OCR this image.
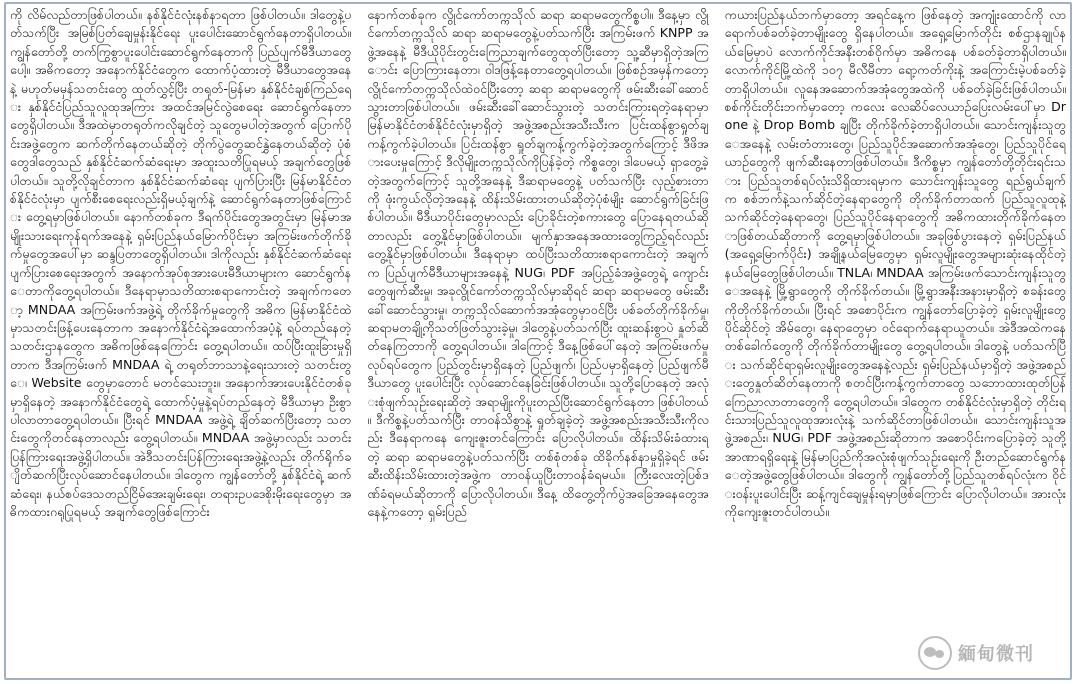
ကို လိမ်လည်တာဖြစ်ပါတယ်။ နစ်နိုင်ငံလုံးနစ်နာရတာ ဖြစ်ပါတယ်။ ဒါတွေနဲ့ပတ်သက်ပြီး အမြစ်ပြတ်ချေမှုန်းနိုင်ရေး ပူးပေါင်းဆောင်ရွက်နေတာရှိပါတယ်။ ကျွန်တော်တို့ တက်ကြွစွာပူးပေါင်းဆောင်ရွက်နေတာကို ပြည်ပျက်မီဒီယာတွေပေါ့။ အဓိကတော့ အနောက်နိုင်ငံတွေက ထောက်ပံ့ထားတဲ့ မီဒီယာတွေအနေနဲ့ မဟုတ်မမှန်သတင်းတွေ ထုတ်လွှင့်ပြီး တရုတ်-မြန်မာ နှစ်နိုင်ငံချစ်ကြည်ရေး နှစ်နိုင်ငံပြည်သူလူထုအကြား အထင်အမြင်လွဲစေရေး ဆောင်ရွက်နေတာတွေရှိပါတယ်။ ဒီအထဲမှာတရုတ်ကလိုချင်တဲ့ သူတွေမပါတဲ့အတွက် ပြောက်ပိုင်းအဖွဲ့တွေက ဆက်တိုက်နေတယ်ဆိုတဲ့ တိုက်ပွဲတွေဆင်နွှဲနေတယ်ဆိုတဲ့ ပုံစံတွေဒါတွေသည် နှစ်နိုင်ငံဆက်ဆံရေးမှာ အထူးသတိပြုရမယ့် အချက်တွေဖြစ်ပါတယ်။ သူတို့လိုချင်တာက နှစ်နိုင်ငံဆက်ဆံရေး ပျက်ပြားပြီး မြန်မာနိုင်ငံတစ်နိုင်ငံလုံးမှာ ပျက်စီးစေရေးလည်းရှိမယ့်ချက်နဲ့ ဆောင်ရွက်နေတာဖြစ်ကြောင်း တွေ့ရမှာဖြစ်ပါတယ်။ နောက်တစ်ခုက ဒီရက်ပိုင်းတွေအတွင်းမှာ မြန်မာအမျိုးသားရေးကုန်ရက်အနေနဲ့ ရှမ်းပြည်နယ်မြောက်ပိုင်းမှာ အကြမ်းဖက်တိုက်ခိုက်မှုတွေအပေါ်မှာ ဆန္ဒပြတာတွေရှိပါတယ်။ ဒါကိုလည်း နှစ်နိုင်ငံဆက်ဆံရေးပျက်ပြားစေရေးအတွက် အနောက်အုပ်စုအားပေးမီဒီယာများက ဆောင်ရွက်နေတာကိုတွေ့ရပါတယ်။ ဒီနေရာမှာသတိထားစရာကောင်းတဲ့ အချက်ကတော့ MNDAA အကြမ်းဖက်အဖွဲ့ရဲ့ တိုက်ခိုက်မှုတွေကို အဓိက မြန်မာနိုင်ငံထဲမှာသတင်းဖြန့်ပေးနေတာက အနောက်နိုင်ငံရဲ့အထောက်အပံ့နဲ့ ရပ်တည်နေတဲ့သတင်းဌာနတွေက အဓိကဖြစ်နေကြောင်း တွေ့ရပါတယ်။ ထပ်ပြီးထူးခြားမှုရှိတာက ဒီအကြမ်းဖက် MNDAA ရဲ့ တရုတ်ဘာသာနဲ့ရေးသားတဲ့ သတင်းတွေ၊ Website တွေမှာတောင် မတင်သေးဘူး။ အနောက်အားပေးနိုင်ငံတစ်ခုမှာရှိနေတဲ့ အနောက်နိုင်ငံတွေရဲ့ ထောက်ပံ့မှုနဲ့ရပ်တည်နေတဲ့ မီဒီယာမှာ ဦးစွာပါလာတာတွေ့ရပါတယ်။ ပြီးရင် MNDAA အဖွဲ့ရဲ့ ချိတ်ဆက်ပြီးတော့ သတင်းတွေကိုတင်နေတာလည်း တွေ့ရပါတယ်။ MNDAA အဖွဲ့မှာလည်း သတင်းပြန်ကြားရေးအဖွဲ့ရှိပါတယ်။ အဲဒီသတင်းပြန်ကြားရေးအဖွဲ့နဲ့လည်း တိုက်ရိုက်ချိတ်ဆက်ပြီးလုပ်ဆောင်နေပါတယ်။ ဒါတွေက ကျွန်တော်တို့ နှစ်နိုင်ငံရဲ့ ဆက်ဆံရေး၊ နယ်စပ်ဒေသတည်ငြိမ်အေးချမ်းရေး၊ တရားဥပဒေစိုးမိုးရေးတွေမှာ အဓိကထားဂရုပြုရမယ့် အချက်တွေဖြစ်ကြောင်း

နောက်တစ်ခုက လွိုင်ကော်တက္ကသိုလ် ဆရာ ဆရာမတွေကိစ္စပါ။ ဒီနေ့မှာ လွိုင်ကော်တက္ကသိုလ် ဆရာ ဆရာမတွေနဲ့ပတ်သက်ပြီး အကြမ်းဖက် KNPP အဖွဲ့အနေနဲ့ မီဒီယိုပိုင်းတွင်းကြေညာချက်တွေထုတ်ပြီးတော့ သူ့ဆီမှာရှိတဲ့အကြောင်း ပြောကြားနေတာ၊ ဝါဒဖြန့်နေတာတွေ့ရပါတယ်။ ဖြစ်စဉ်အမှန်ကတော့ လွိုင်ကော်တက္ကသိုလ်ထဲဝင်ပြီးတော့ ဆရာ ဆရာမတွေကို ဖမ်းဆီးခေါ်ဆောင်သွားတာဖြစ်ပါတယ်။ ဖမ်းဆီးခေါ်ဆောင်သွားတဲ့ သတင်းကြားရတဲ့နေရာမှာ မြန်မာနိုင်ငံတစ်နိုင်ငံလုံးမှာရှိတဲ့ အဖွဲ့အစည်းအသီးသီးက ပြင်းထန်စွာရှုတ်ချကန့်ကွက်ခဲ့ပါတယ်။ ပြင်းထန်စွာ ရှုတ်ချကန့်ကွက်ခဲ့တဲ့အတွက်ကြောင့် ဒီဖိအားပေးမှုကြောင့် ဒီလိုမျိုးတက္ကသိုလ်ကိုပြန်ခဲ့တဲ့ ကိစ္စတွေ၊ ဒါပေမယ့် ရှာတွေ့ခဲ့တဲ့အတွက်ကြောင့် သူတို့အနေနဲ့ ဒီဆရာမတွေနဲ့ ပတ်သက်ပြီး လှည့်စားတာကို ဖုံးကွယ်လိုတဲ့အနေနဲ့ ထိန်းသိမ်းထားတယ်ဆိုတဲ့ပုံစံမျိုး ဆောင်ရွက်ခြင်းဖြစ်ပါတယ်။ မီဒီယာပိုင်းတွေမှာလည်း ပြောခိုင်းတဲ့စကားတွေ ပြောနေရတယ်ဆိုတာလည်း တွေ့နိုင်မှာဖြစ်ပါတယ်။ မျက်နှာအနေအထားတွေကြည့်ရင်လည်း တွေ့နိုင်မှာဖြစ်ပါတယ်။ ဒီနေရာမှာ ထပ်ပြီးသတိထားစရာကောင်းတဲ့ အချက်က ပြည်ပျက်မီဒီယာများအနေနဲ့ NUG၊ PDF အပြည့်ခံအဖွဲ့တွေရဲ့ ကျောင်းတွေဖျက်ဆီးမှု၊ အခုလွိုင်ကော်တက္ကသိုလ်မှာဆိုရင် ဆရာ ဆရာမတွေ ဖမ်းဆီးခေါ်ဆောင်သွားမှု၊ တက္ကသိုလ်ဆောက်အအုံတွေမှာဝင်ပြီး ပစ်ခတ်တိုက်ခိုက်မှု၊ ဆရာမတချို့ကိုသတ်ဖြတ်သွားခဲ့မှု၊ ဒါတွေနဲ့ပတ်သက်ပြီး ထူးဆန်းစွာပဲ နှုတ်ဆိတ်နေကြတာကို တွေ့ရပါတယ်။ ဒါကြောင့် ဒီနေ့ဖြစ်ပေါ်နေတဲ့ အကြမ်းဖက်မှုလုပ်ရပ်တွေက ပြည်တွင်းမှာရှိနေတဲ့ ပြည်ဖျက်၊ ပြည်ပမှာရှိနေတဲ့ ပြည်ဖျက်မီဒီယာတွေ ပူးပေါင်းပြီး လုပ်ဆောင်နေခြင်းဖြစ်ပါတယ်။ သူတို့ပြောနေတဲ့ အလုံးစုံဖျက်သုဉ်းရေးဆိုတဲ့ အရာမျိုးကိုပူးတည်ပြီးဆောင်ရွက်နေတာ ဖြစ်ပါတယ်။ ဒီကိစ္စနဲ့ပတ်သက်ပြီး တာဝန်သိစွာနဲ့ ရှုတ်ချခဲ့တဲ့ အဖွဲ့အစည်းအသီးသီးကိုလည်း ဒီနေရာကနေ ကျေးဇူးတင်ကြောင်း ပြောလိုပါတယ်။ ထိန်းသိမ်းခံထားရတဲ့ ဆရာ ဆရာမတွေနဲ့ပတ်သက်ပြီး တစ်စုံတစ်ခု ထိခိုက်နစ်နာမှုရှိခဲ့ရင် ဖမ်းဆီးထိန်းသိမ်းထားတဲ့အဖွဲ့က တာဝန်ယူပြီးတာဝန်ခံရမယ်။ ကြီးလေးတဲ့ပြစ်ဒဏ်ခံရမယ်ဆိုတာကို ပြောလိုပါတယ်။ ဒီနေ့ ထိတွေ့တိုက်ပွဲအခြေအနေတွေအနေနဲ့ကတော့ ရှမ်းပြည်

ကယားပြည်နယ်ဘက်မှာတော့ အရင်နေ့က ဖြစ်နေတဲ့ အကျုံးထောင်ကို လာရောက်ပစ်ခတ်ခဲ့တာမျိုးတွေ ရှိနေပါတယ်။ အရှေ့မြောက်တိုင်း စစ်ဌာနချုပ်နယ်မြေမှာပဲ လောက်ကိုင်အနီးတစ်ဝိုက်မှာ အဓိကနေ ပစ်ခတ်ခဲ့တာရှိပါတယ်။ လောက်ကိုင်မြို့ထဲကို ၁၀၇ မီလီမီတာ ရော့ကတ်ကိုးနဲ့ အကြောင်းမဲ့ပစ်ခတ်ခဲ့တာရှိပါတယ်။ လူနေအဆောက်အအုံတွေအထဲကို ပစ်ခတ်ခဲ့ခြင်းဖြစ်ပါတယ်။ စစ်ကိုင်းတိုင်းဘက်မှာတော့ ကလေး လေဆိပ်လေယာဉ်ပြေးလမ်းပေါ်မှာ Drone နဲ့ Drop Bomb ချပြီး တိုက်ခိုက်ခဲ့တာရှိပါတယ်။ သောင်းကျန်းသူတွေအနေနဲ့ လမ်းတံတားတွေ၊ ပြည်သူပိုင်အဆောက်အအုံတွေ၊ ပြည်သူပိုင်ရေယာဉ်တွေကို ဖျက်ဆီးနေတာဖြစ်ပါတယ်။ ဒီကိစ္စမှာ ကျွန်တော်တို့တိုင်းရင်းသား ပြည်သူတစ်ရပ်လုံးသိရှိထားရမှာက သောင်းကျန်းသူတွေ ရည်ရွယ်ချက်က စစ်ဘက်နဲ့သက်ဆိုင်တဲ့နေရာတွေကို တိုက်ခိုက်တာထက် ပြည်သူလူထုနဲ့သက်ဆိုင်တဲ့နေရာတွေ၊ ပြည်သူပိုင်နေရာတွေကို အဓိကထားတိုက်ခိုက်နေတာဖြစ်တယ်ဆိုတာကို တွေ့ရမှာဖြစ်ပါတယ်။ အခုဖြစ်ပွားနေတဲ့ ရှမ်းပြည်နယ်(အရှေ့မြောက်ပိုင်း) အချို့နယ်မြေတွေမှာ ရှမ်းလူမျိုးတွေအများဆုံးနေထိုင်တဲ့ နယ်မြေတွေဖြစ်ပါတယ်။ TNLA၊ MNDAA အကြမ်းဖက်သောင်းကျန်းသူတွေအနေနဲ့ မြို့ရွာတွေကို တိုက်ခိုက်တယ်။ မြို့ရွာအနီးအနားမှာရှိတဲ့ စခန်းတွေကိုတိုက်ခိုက်တယ်။ ပြီးရင် အစောပိုင်းက ကျွန်တော်ပြောခဲ့တဲ့ ရှမ်းလူမျိုးတွေပိုင်ဆိုင်တဲ့ အိမ်တွေ၊ နေရာတွေမှာ ဝင်ရောက်နေရာယူတယ်။ အဲဒီအထဲကနေ တစ်ခေါက်တွေကို တိုက်ခိုက်တာမျိုးတွေ တွေ့ရပါတယ်။ ဒါတွေနဲ့ ပတ်သက်ပြီး သက်ဆိုင်ရာရှမ်းလူမျိုးတွေအနေနဲ့လည်း ရှမ်းပြည်နယ်မှာရှိတဲ့ အဖွဲ့အစည်းတွေနှုတ်ဆိတ်နေတာကို စတင်ပြီးကန့်ကွက်တာတွေ သဘောထားထုတ်ပြန်ကြေညာလာတာတွေကို တွေ့ရပါတယ်။ ဒါတွေက တစ်နိုင်ငံလုံးမှာရှိတဲ့ တိုင်းရင်းသားပြည်သူလူထုအားလုံးနဲ့ သက်ဆိုင်တာဖြစ်ပါတယ်။ သောင်းကျန်းသူအဖွဲ့အစည်း၊ NUG၊ PDF အဖွဲ့အစည်းဆိုတာက အစောပိုင်းကပြောခဲ့တဲ့ သူတို့အာဏာရရှိရေးနဲ့ မြန်မာပြည်ကိုအလုံးစုံဖျက်သုဉ်းရေးကို ဦးတည်ဆောင်ရွက်နေတဲ့အဖွဲ့တွေဖြစ်ပါတယ်။ ဒါတွေကို ကျွန်တော်တို့ပြည်သူတစ်ရပ်လုံးက ဝိုင်းဝန်းပူးပေါင်းပြီး ဆန့်ကျင်ချေမှုန်းရမှာဖြစ်ကြောင်း ပြောလိုပါတယ်။ အားလုံးကိုကျေးဇူးတင်ပါတယ်။

緬甸微刊
